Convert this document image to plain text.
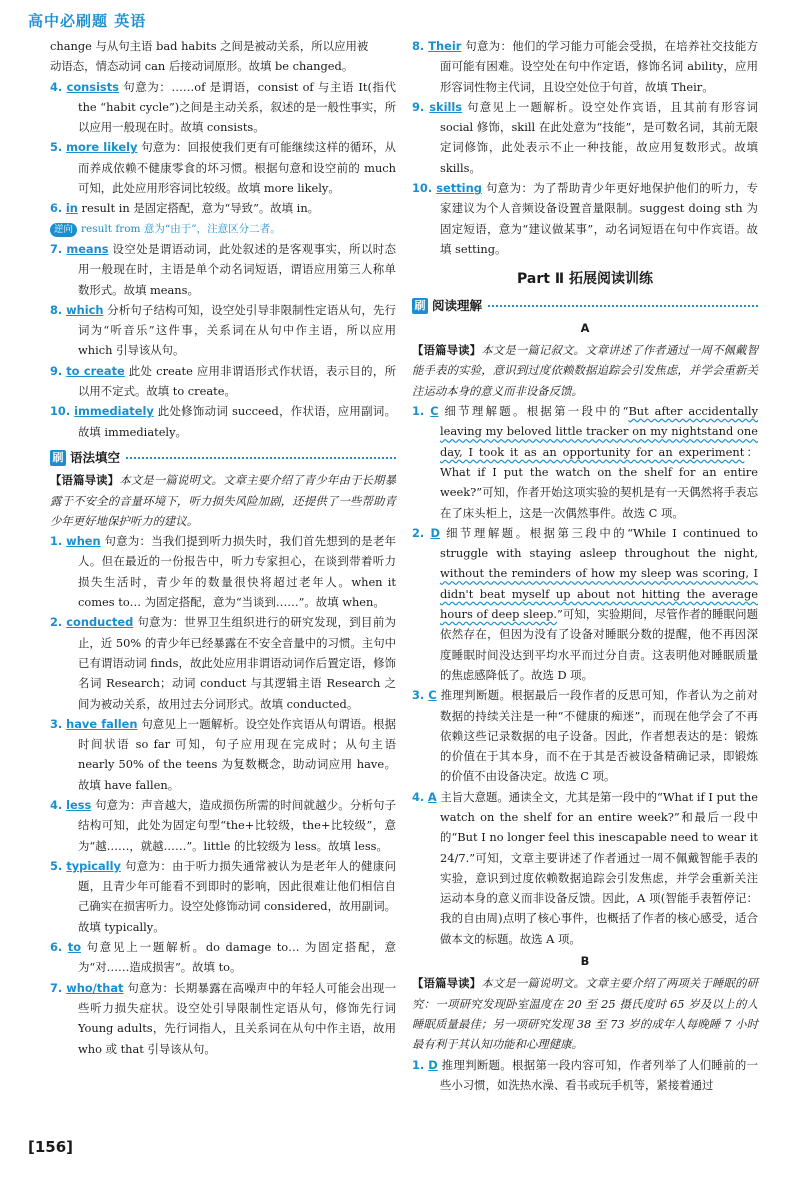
高中必刷题 英语

change 与从句主语 bad habits 之间是被动关系，所以应用被

动语态，情态动词 can 后接动词原形。故填 be changed。

4. consists 句意为：……of 是谓语，consist of 与主语 It(指代 the “habit cycle”)之间是主动关系，叙述的是一般性事实，所以应用一般现在时。故填 consists。

5. more likely 句意为：回报使我们更有可能继续这样的循环，从而养成依赖不健康零食的坏习惯。根据句意和设空前的 much 可知，此处应用形容词比较级。故填 more likely。

6. in result in 是固定搭配，意为“导致”。故填 in。

逆向 result from 意为“由于”，注意区分二者。

7. means 设空处是谓语动词，此处叙述的是客观事实，所以时态用一般现在时，主语是单个动名词短语，谓语应用第三人称单数形式。故填 means。

8. which 分析句子结构可知，设空处引导非限制性定语从句，先行词为“听音乐”这件事，关系词在从句中作主语，所以应用 which 引导该从句。

9. to create 此处 create 应用非谓语形式作状语，表示目的，所以用不定式。故填 to create。

10. immediately 此处修饰动词 succeed，作状语，应用副词。故填 immediately。

刷 语法填空

【语篇导读】本文是一篇说明文。文章主要介绍了青少年由于长期暴露于不安全的音量环境下，听力损失风险加剧，还提供了一些帮助青少年更好地保护听力的建议。

1. when 句意为：当我们提到听力损失时，我们首先想到的是老年人。但在最近的一份报告中，听力专家担心，在谈到带着听力损失生活时，青少年的数量很快将超过老年人。when it comes to… 为固定搭配，意为“当谈到……”。故填 when。

2. conducted 句意为：世界卫生组织进行的研究发现，到目前为止，近 50% 的青少年已经暴露在不安全音量中的习惯。主句中已有谓语动词 finds，故此处应用非谓语动词作后置定语，修饰名词 Research；动词 conduct 与其逻辑主语 Research 之间为被动关系，故用过去分词形式。故填 conducted。

3. have fallen 句意见上一题解析。设空处作宾语从句谓语。根据时间状语 so far 可知，句子应用现在完成时；从句主语 nearly 50% of the teens 为复数概念，助动词应用 have。故填 have fallen。

4. less 句意为：声音越大，造成损伤所需的时间就越少。分析句子结构可知，此处为固定句型“the+比较级，the+比较级”，意为“越……，就越……”。little 的比较级为 less。故填 less。

5. typically 句意为：由于听力损失通常被认为是老年人的健康问题，且青少年可能看不到即时的影响，因此很难让他们相信自己确实在损害听力。设空处修饰动词 considered，故用副词。故填 typically。

6. to 句意见上一题解析。do damage to… 为固定搭配，意为“对……造成损害”。故填 to。

7. who/that 句意为：长期暴露在高噪声中的年轻人可能会出现一些听力损失症状。设空处引导限制性定语从句，修饰先行词 Young adults，先行词指人，且关系词在从句中作主语，故用 who 或 that 引导该从句。

8. Their 句意为：他们的学习能力可能会受损，在培养社交技能方面可能有困难。设空处在句中作定语，修饰名词 ability，应用形容词性物主代词，且设空处位于句首，故填 Their。

9. skills 句意见上一题解析。设空处作宾语，且其前有形容词 social 修饰，skill 在此处意为“技能”，是可数名词，其前无限定词修饰，此处表示不止一种技能，故应用复数形式。故填 skills。

10. setting 句意为：为了帮助青少年更好地保护他们的听力，专家建议为个人音频设备设置音量限制。suggest doing sth 为固定短语，意为“建议做某事”，动名词短语在句中作宾语。故填 setting。

Part Ⅱ 拓展阅读训练
刷 阅读理解
A

【语篇导读】本文是一篇记叙文。文章讲述了作者通过一周不佩戴智能手表的实验，意识到过度依赖数据追踪会引发焦虑，并学会重新关注运动本身的意义而非设备反馈。

1. C 细节理解题。根据第一段中的“But after accidentally leaving my beloved little tracker on my nightstand one day, I took it as an opportunity for an experiment：What if I put the watch on the shelf for an entire week?”可知，作者开始这项实验的契机是有一天偶然将手表忘在了床头柜上，这是一次偶然事件。故选 C 项。

2. D 细节理解题。根据第三段中的“While I continued to struggle with staying asleep throughout the night, without the reminders of how my sleep was scoring, I didn't beat myself up about not hitting the average hours of deep sleep.”可知，实验期间，尽管作者的睡眠问题依然存在，但因为没有了设备对睡眠分数的提醒，他不再因深度睡眠时间没达到平均水平而过分自责。这表明他对睡眠质量的焦虑感降低了。故选 D 项。

3. C 推理判断题。根据最后一段作者的反思可知，作者认为之前对数据的持续关注是一种“不健康的痴迷”，而现在他学会了不再依赖这些记录数据的电子设备。因此，作者想表达的是：锻炼的价值在于其本身，而不在于其是否被设备精确记录，即锻炼的价值不由设备决定。故选 C 项。

4. A 主旨大意题。通读全文，尤其是第一段中的“What if I put the watch on the shelf for an entire week?”和最后一段中的“But I no longer feel this inescapable need to wear it 24/7.”可知，文章主要讲述了作者通过一周不佩戴智能手表的实验，意识到过度依赖数据追踪会引发焦虑，并学会重新关注运动本身的意义而非设备反馈。因此，A 项(智能手表暂停记：我的自由周)点明了核心事件，也概括了作者的核心感受，适合做本文的标题。故选 A 项。

B

【语篇导读】本文是一篇说明文。文章主要介绍了两项关于睡眠的研究：一项研究发现卧室温度在 20 至 25 摄氏度时 65 岁及以上的人睡眠质量最佳；另一项研究发现 38 至 73 岁的成年人每晚睡 7 小时最有利于其认知功能和心理健康。

1. D 推理判断题。根据第一段内容可知，作者列举了人们睡前的一些小习惯，如洗热水澡、看书或玩手机等，紧接着通过

[156]
